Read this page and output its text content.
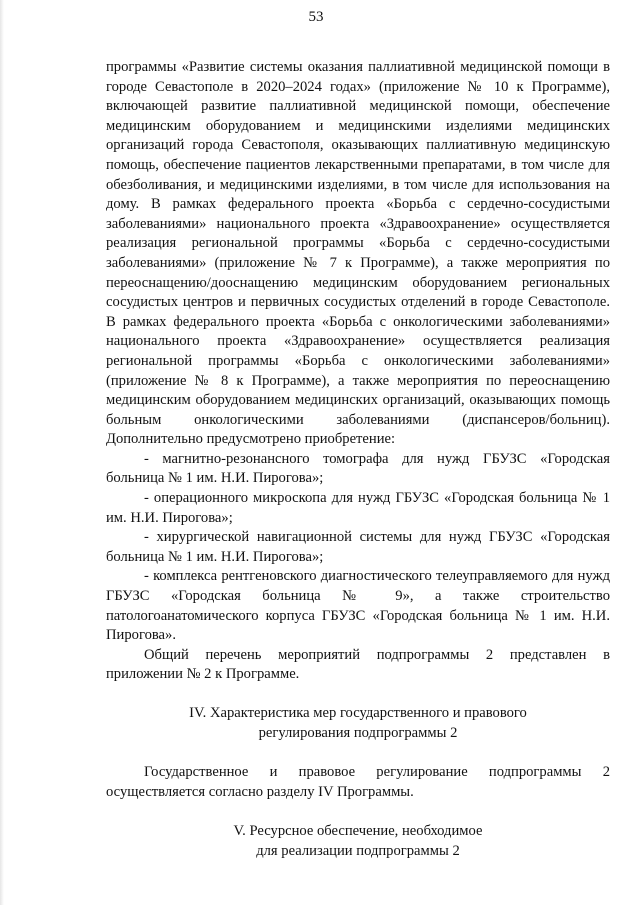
53

программы «Развитие системы оказания паллиативной медицинской помощи в городе Севастополе в 2020–2024 годах» (приложение № 10 к Программе), включающей развитие паллиативной медицинской помощи, обеспечение медицинским оборудованием и медицинскими изделиями медицинских организаций города Севастополя, оказывающих паллиативную медицинскую помощь, обеспечение пациентов лекарственными препаратами, в том числе для обезболивания, и медицинскими изделиями, в том числе для использования на дому. В рамках федерального проекта «Борьба с сердечно-сосудистыми заболеваниями» национального проекта «Здравоохранение» осуществляется реализация региональной программы «Борьба с сердечно-сосудистыми заболеваниями» (приложение № 7 к Программе), а также мероприятия по переоснащению/дооснащению медицинским оборудованием региональных сосудистых центров и первичных сосудистых отделений в городе Севастополе. В рамках федерального проекта «Борьба с онкологическими заболеваниями» национального проекта «Здравоохранение» осуществляется реализация региональной программы «Борьба с онкологическими заболеваниями» (приложение № 8 к Программе), а также мероприятия по переоснащению медицинским оборудованием медицинских организаций, оказывающих помощь больным онкологическими заболеваниями (диспансеров/больниц). Дополнительно предусмотрено приобретение:

- магнитно-резонансного томографа для нужд ГБУЗС «Городская больница № 1 им. Н.И. Пирогова»;

- операционного микроскопа для нужд ГБУЗС «Городская больница № 1 им. Н.И. Пирогова»;

- хирургической навигационной системы для нужд ГБУЗС «Городская больница № 1 им. Н.И. Пирогова»;

- комплекса рентгеновского диагностического телеуправляемого для нужд ГБУЗС «Городская больница № 9», а также строительство патологоанатомического корпуса ГБУЗС «Городская больница № 1 им. Н.И. Пирогова».

Общий перечень мероприятий подпрограммы 2 представлен в приложении № 2 к Программе.

IV. Характеристика мер государственного и правового
регулирования подпрограммы 2

Государственное и правовое регулирование подпрограммы 2 осуществляется согласно разделу IV Программы.

V. Ресурсное обеспечение, необходимое
для реализации подпрограммы 2
